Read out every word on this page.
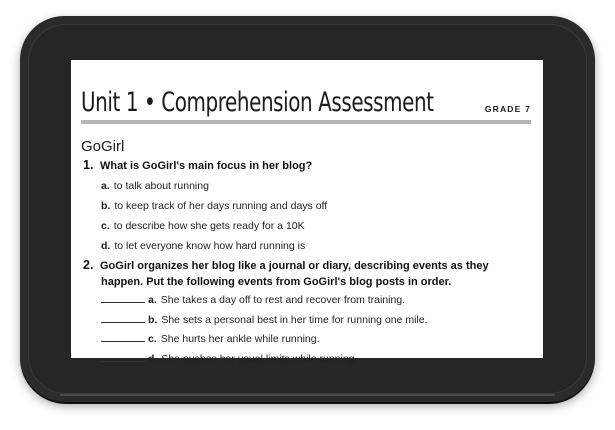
Unit 1 • Comprehension Assessment	GRADE 7
GoGirl
1. What is GoGirl's main focus in her blog?
a. to talk about running
b. to keep track of her days running and days off
c. to describe how she gets ready for a 10K
d. to let everyone know how hard running is
2. GoGirl organizes her blog like a journal or diary, describing events as they
happen. Put the following events from GoGirl's blog posts in order.
a. She takes a day off to rest and recover from training.
b. She sets a personal best in her time for running one mile.
c. She hurts her ankle while running.
d. She pushes her usual limits while running.
